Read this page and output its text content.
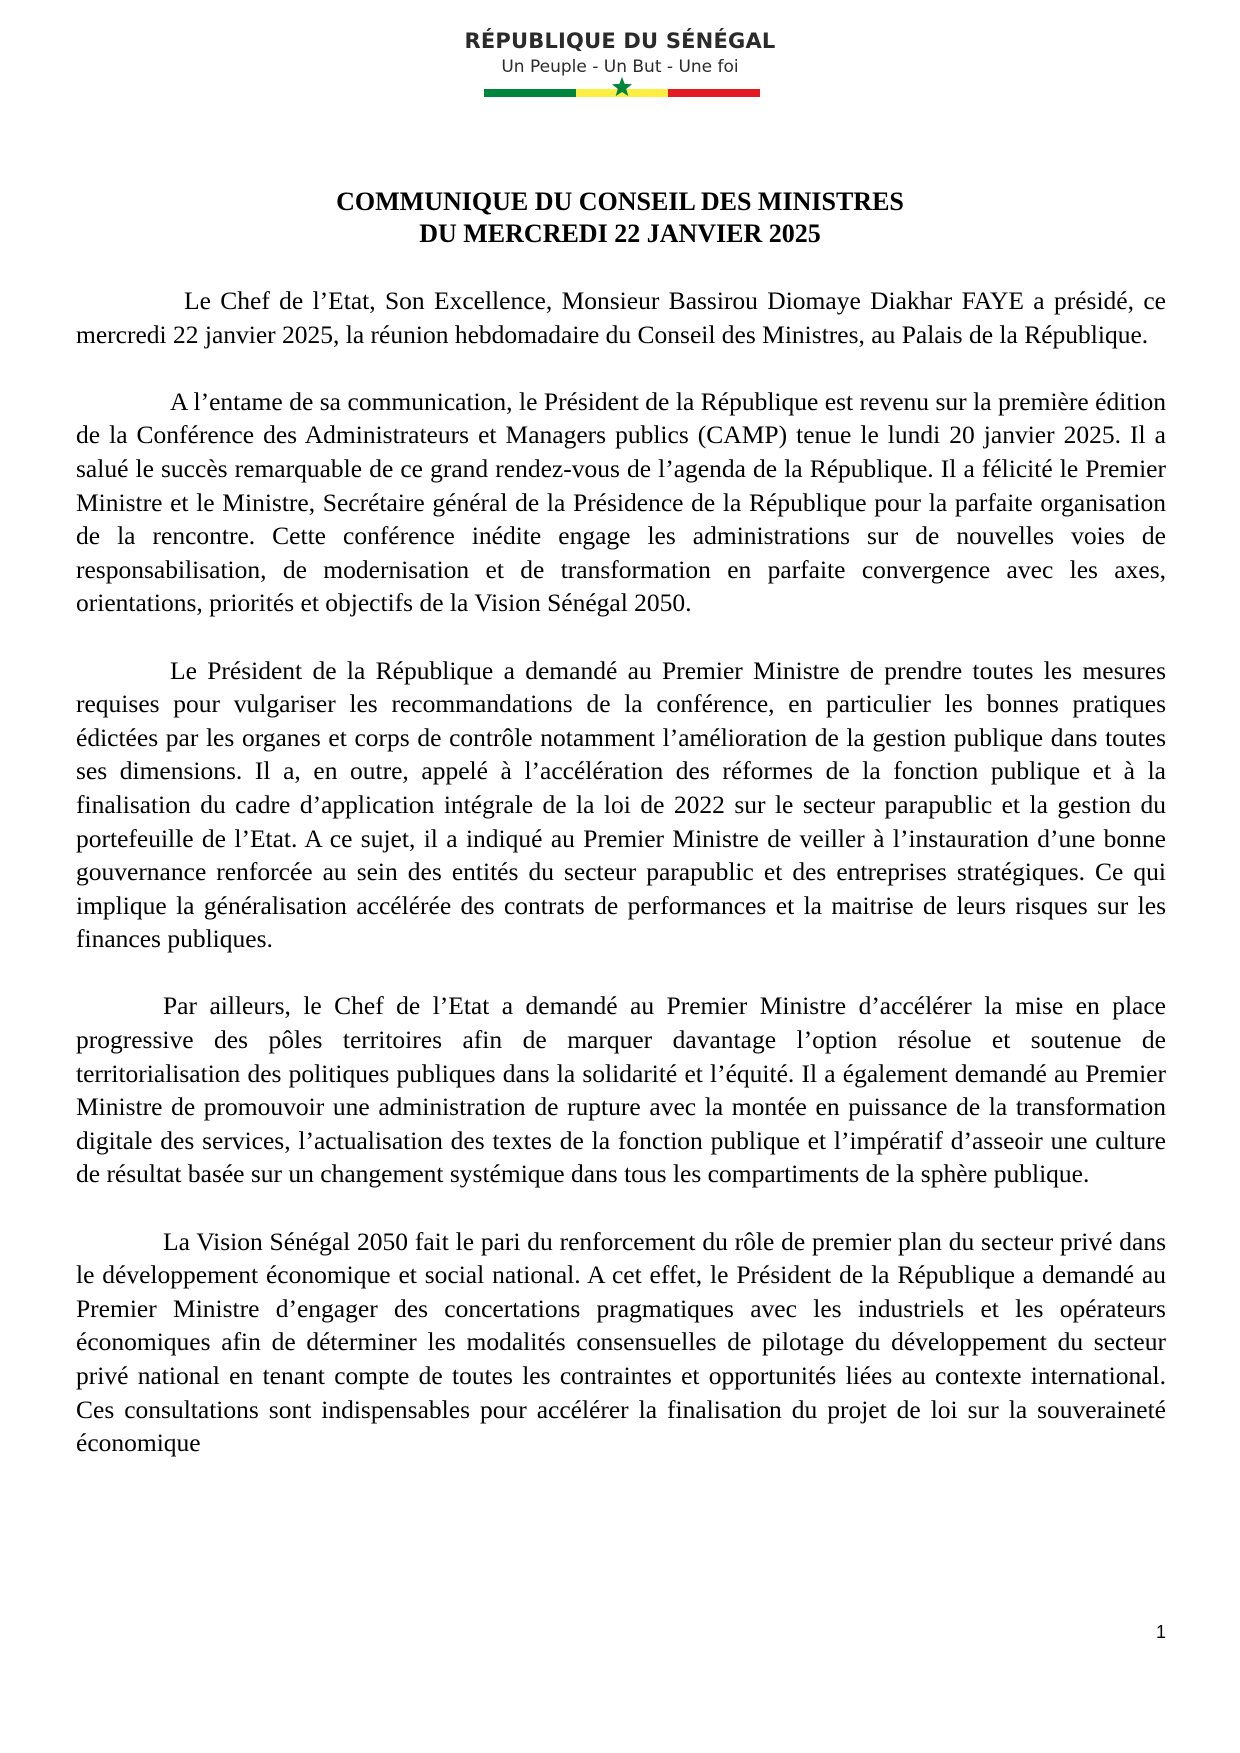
RÉPUBLIQUE DU SÉNÉGAL
Un Peuple - Un But - Une foi
COMMUNIQUE DU CONSEIL DES MINISTRES
DU MERCREDI 22 JANVIER 2025

Le Chef de l’Etat, Son Excellence, Monsieur Bassirou Diomaye Diakhar FAYE a présidé, ce mercredi 22 janvier 2025, la réunion hebdomadaire du Conseil des Ministres, au Palais de la République.

A l’entame de sa communication, le Président de la République est revenu sur la première édition de la Conférence des Administrateurs et Managers publics (CAMP) tenue le lundi 20 janvier 2025. Il a salué le succès remarquable de ce grand rendez-vous de l’agenda de la République. Il a félicité le Premier Ministre et le Ministre, Secrétaire général de la Présidence de la République pour la parfaite organisation de la rencontre. Cette conférence inédite engage les administrations sur de nouvelles voies de responsabilisation, de modernisation et de transformation en parfaite convergence avec les axes, orientations, priorités et objectifs de la Vision Sénégal 2050.

Le Président de la République a demandé au Premier Ministre de prendre toutes les mesures requises pour vulgariser les recommandations de la conférence, en particulier les bonnes pratiques édictées par les organes et corps de contrôle notamment l’amélioration de la gestion publique dans toutes ses dimensions. Il a, en outre, appelé à l’accélération des réformes de la fonction publique et à la finalisation du cadre d’application intégrale de la loi de 2022 sur le secteur parapublic et la gestion du portefeuille de l’Etat. A ce sujet, il a indiqué au Premier Ministre de veiller à l’instauration d’une bonne gouvernance renforcée au sein des entités du secteur parapublic et des entreprises stratégiques. Ce qui implique la généralisation accélérée des contrats de performances et la maitrise de leurs risques sur les finances publiques.

Par ailleurs, le Chef de l’Etat a demandé au Premier Ministre d’accélérer la mise en place progressive des pôles territoires afin de marquer davantage l’option résolue et soutenue de territorialisation des politiques publiques dans la solidarité et l’équité. Il a également demandé au Premier Ministre de promouvoir une administration de rupture avec la montée en puissance de la transformation digitale des services, l’actualisation des textes de la fonction publique et l’impératif d’asseoir une culture de résultat basée sur un changement systémique dans tous les compartiments de la sphère publique.

La Vision Sénégal 2050 fait le pari du renforcement du rôle de premier plan du secteur privé dans le développement économique et social national. A cet effet, le Président de la République a demandé au Premier Ministre d’engager des concertations pragmatiques avec les industriels et les opérateurs économiques afin de déterminer les modalités consensuelles de pilotage du développement du secteur privé national en tenant compte de toutes les contraintes et opportunités liées au contexte international. Ces consultations sont indispensables pour accélérer la finalisation du projet de loi sur la souveraineté économique

1
